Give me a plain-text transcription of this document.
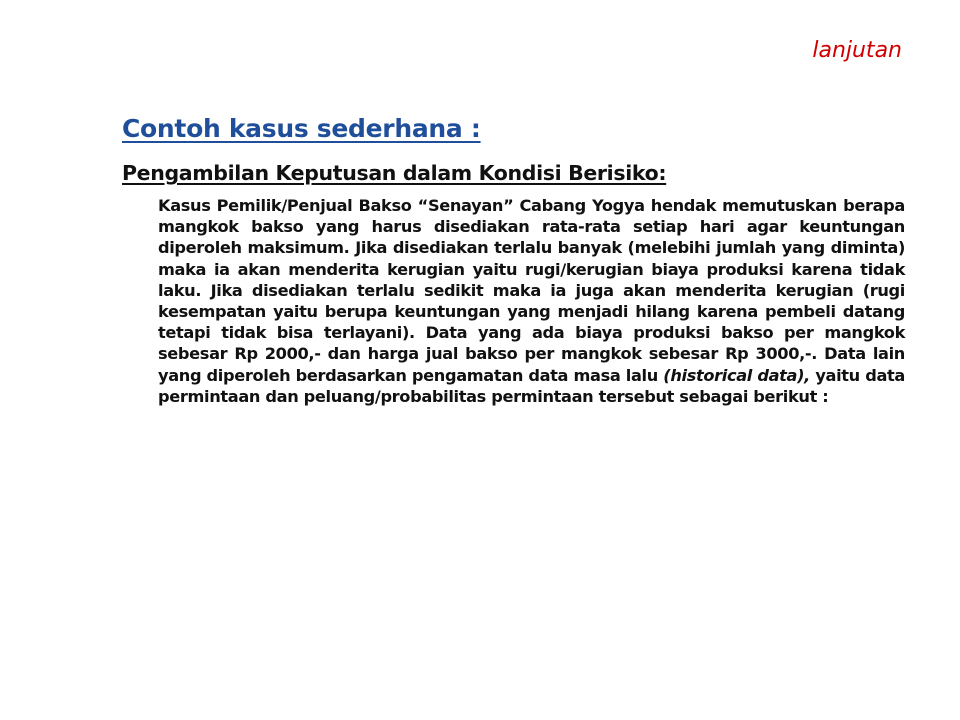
lanjutan
Contoh kasus sederhana :
Pengambilan Keputusan dalam Kondisi Berisiko:
Kasus Pemilik/Penjual Bakso “Senayan” Cabang Yogya hendak memutuskan berapa mangkok bakso yang harus disediakan rata-rata setiap hari agar keuntungan diperoleh maksimum. Jika disediakan terlalu banyak (melebihi jumlah yang diminta) maka ia akan menderita kerugian yaitu rugi/kerugian biaya produksi karena tidak laku. Jika disediakan terlalu sedikit maka ia juga akan menderita kerugian (rugi kesempatan yaitu berupa keuntungan yang menjadi hilang karena pembeli datang tetapi tidak bisa terlayani). Data yang ada biaya produksi bakso per mangkok sebesar Rp 2000,- dan harga jual bakso per mangkok sebesar Rp 3000,-. Data lain yang diperoleh berdasarkan pengamatan data masa lalu (historical data), yaitu data permintaan dan peluang/probabilitas permintaan tersebut sebagai berikut :
